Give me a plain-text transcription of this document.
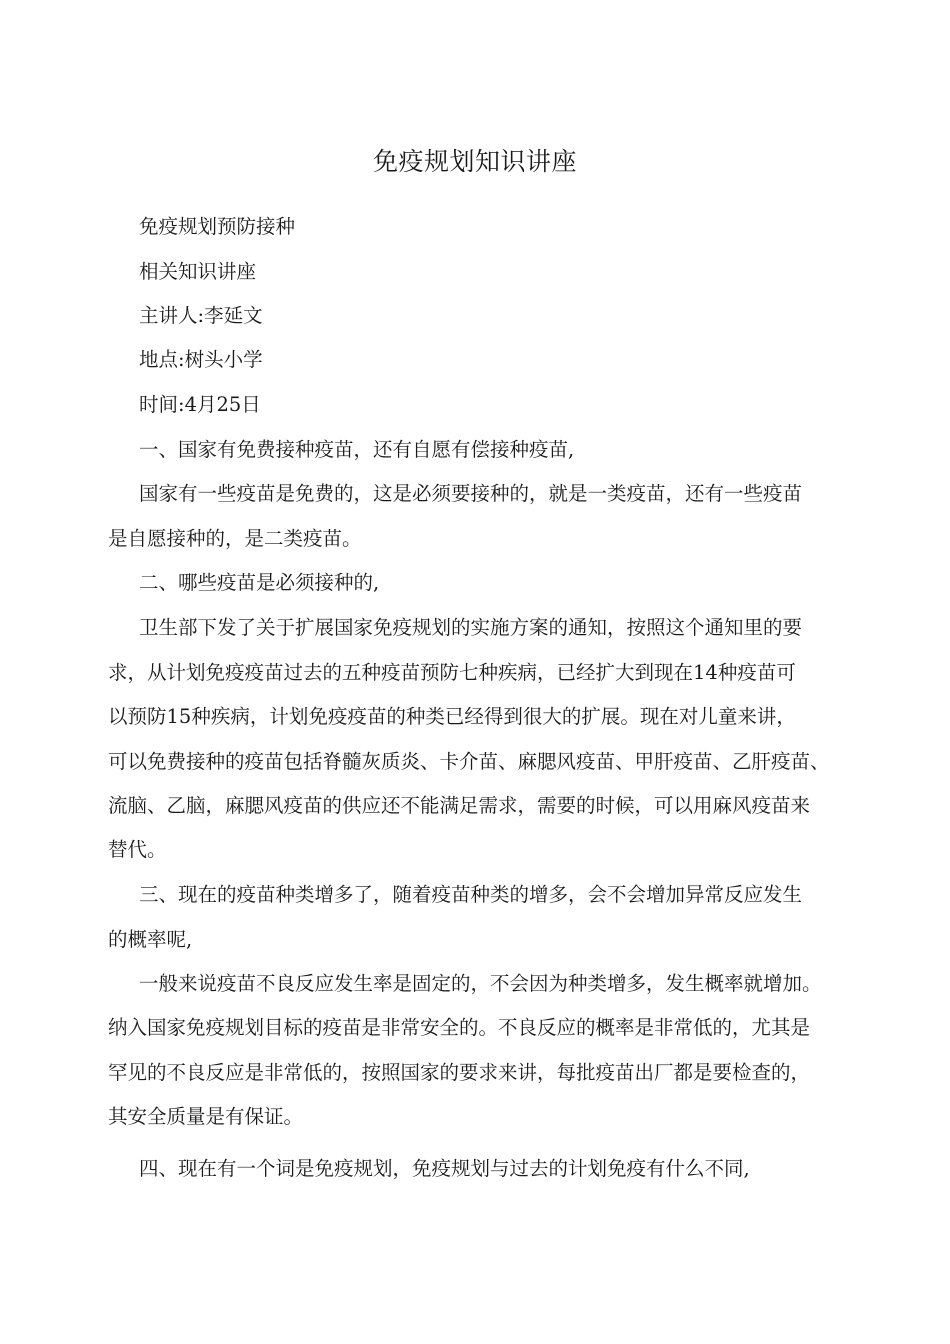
免疫规划知识讲座
免疫规划预防接种
相关知识讲座
主讲人:李延文
地点:树头小学
时间:4月25日
一、国家有免费接种疫苗，还有自愿有偿接种疫苗,
国家有一些疫苗是免费的，这是必须要接种的，就是一类疫苗，还有一些疫苗
是自愿接种的，是二类疫苗。
二、哪些疫苗是必须接种的,
卫生部下发了关于扩展国家免疫规划的实施方案的通知，按照这个通知里的要
求，从计划免疫疫苗过去的五种疫苗预防七种疾病，已经扩大到现在14种疫苗可
以预防15种疾病，计划免疫疫苗的种类已经得到很大的扩展。现在对儿童来讲，
可以免费接种的疫苗包括脊髓灰质炎、卡介苗、麻腮风疫苗、甲肝疫苗、乙肝疫苗、
流脑、乙脑，麻腮风疫苗的供应还不能满足需求，需要的时候，可以用麻风疫苗来
替代。
三、现在的疫苗种类增多了，随着疫苗种类的增多，会不会增加异常反应发生
的概率呢,
一般来说疫苗不良反应发生率是固定的，不会因为种类增多，发生概率就增加。
纳入国家免疫规划目标的疫苗是非常安全的。不良反应的概率是非常低的，尤其是
罕见的不良反应是非常低的，按照国家的要求来讲，每批疫苗出厂都是要检查的，
其安全质量是有保证。
四、现在有一个词是免疫规划，免疫规划与过去的计划免疫有什么不同,
